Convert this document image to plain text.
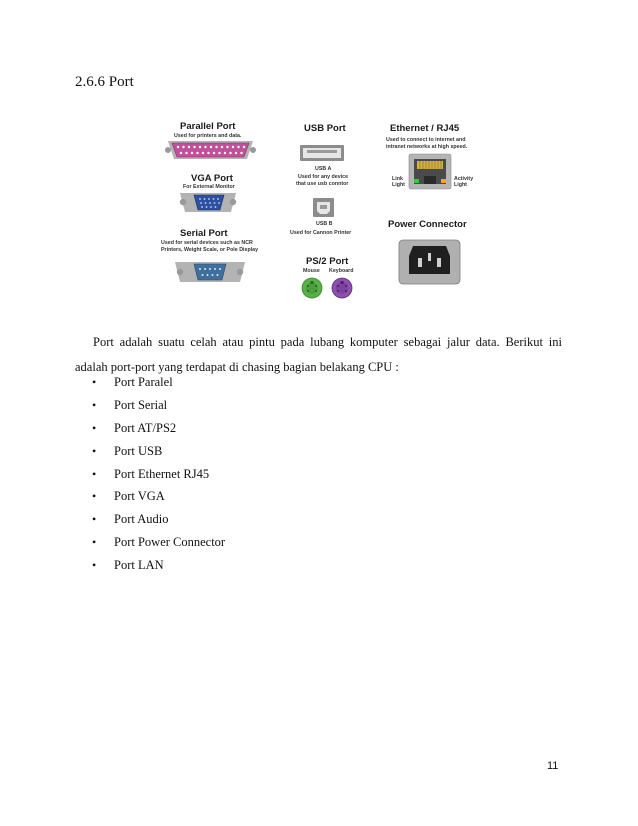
2.6.6 Port
Parallel Port
Used for printers and data.
VGA Port
For External Monitor
Serial Port
Used for serial devices such as NCR
Printers, Weight Scale, or Pole Display
USB Port
USB A
Used for any device
that use usb conntor
USB B
Used for Cannon Printer
PS/2 Port
Mouse Keyboard
Ethernet / RJ45
Used to connect to internet and
intranet networks at high speed.
Link
Light
Activity
Light
Power Connector

Port adalah suatu celah atau pintu pada lubang komputer sebagai jalur data. Berikut ini adalah port-port yang terdapat di chasing bagian belakang CPU :

•	Port Paralel
•	Port Serial
•	Port AT/PS2
•	Port USB
•	Port Ethernet RJ45
•	Port VGA
•	Port Audio
•	Port Power Connector
•	Port LAN
11
